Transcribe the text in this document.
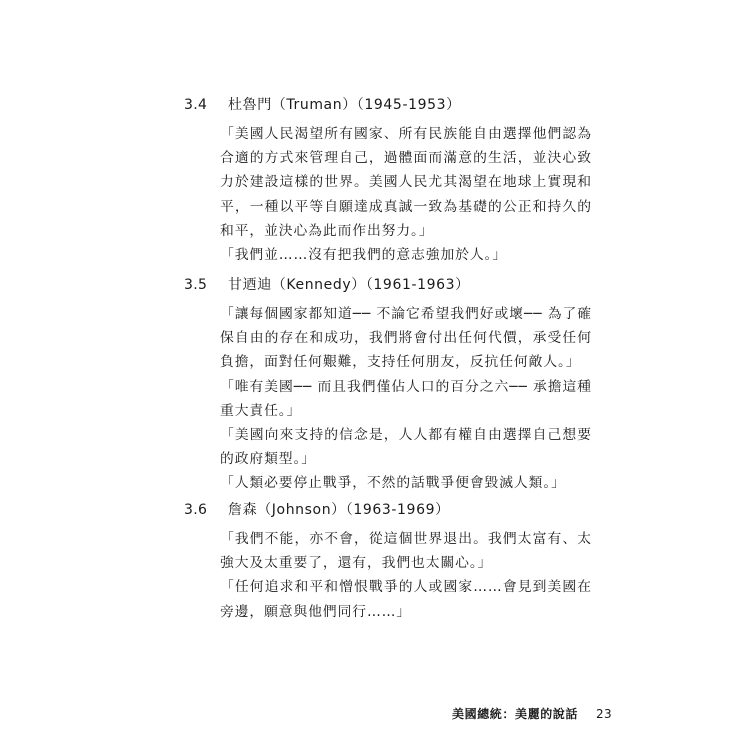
3.4 杜魯門（Truman）（1945-1953）

「美國人民渴望所有國家、所有民族能自由選擇他們認為合適的方式來管理自己，過體面而滿意的生活，並決心致力於建設這樣的世界。美國人民尤其渴望在地球上實現和平，一種以平等自願達成真誠一致為基礎的公正和持久的和平，並決心為此而作出努力。」

「我們並……沒有把我們的意志強加於人。」

3.5 甘迺迪（Kennedy）（1961-1963）

「讓每個國家都知道── 不論它希望我們好或壞── 為了確保自由的存在和成功，我們將會付出任何代價，承受任何負擔，面對任何艱難，支持任何朋友，反抗任何敵人。」

「唯有美國── 而且我們僅佔人口的百分之六── 承擔這種重大責任。」

「美國向來支持的信念是，人人都有權自由選擇自己想要的政府類型。」

「人類必要停止戰爭，不然的話戰爭便會毀滅人類。」

3.6 詹森（Johnson）（1963-1969）

「我們不能，亦不會，從這個世界退出。我們太富有、太強大及太重要了，還有，我們也太關心。」

「任何追求和平和憎恨戰爭的人或國家……會見到美國在旁邊，願意與他們同行……」

美國總統：美麗的說話 23
